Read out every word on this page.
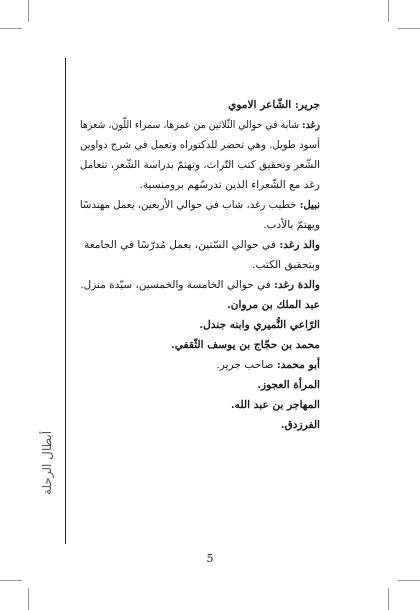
أبطال الرحلة
جرير: الشّاعر الاموي
رغد: شابة في حوالي الثّلاثين من عمرها، سمراء اللّون، شعرها
أسود طويل. وهي تحضر للدكتوراه وتعمل في شرح دواوين
الشّعر وتحقيق كتب التّراث، وتهتمّ بدراسة الشّعر، تتعامل
رغد مع الشّعراء الذين تدرسُهم برومنسية.
نبيل: خطيب رغد، شاب في حوالي الأربعين، يعمل مهندسًا
ويهتمّ بالأدب.
والد رغد: في حوالي السّتين، يعمل مُدرّسًا في الجامعة
وبتحقيق الكتب.
والدة رغد: في حوالي الخامسة والخمسين، سيّدة منزل.
عبد الملك بن مروان.
الرّاعي النُّميري وابنه جندل.
محمد بن حجّاج بن يوسف الثّقفي.
أبو محمد: صاحب جرير.
المرأة العجوز.
المهاجر بن عبد الله.
الفرزدق.
5
